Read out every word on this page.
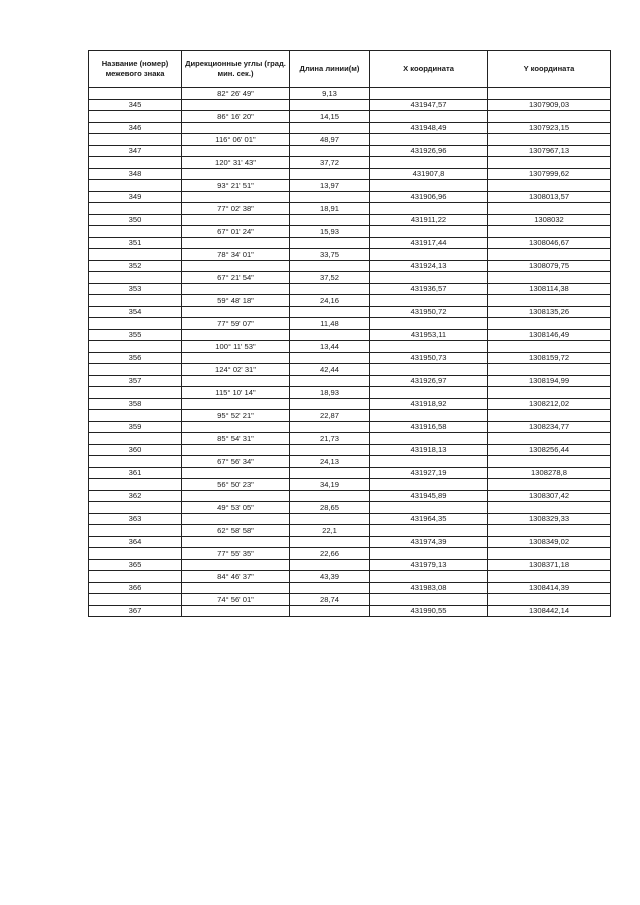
Название (номер) межевого знака	Дирекционные углы (град. мин. сек.)	Длина линии(м)	X координата	Y координата
	82° 26' 49"	9,13		
345			431947,57	1307909,03
	86° 16' 20"	14,15		
346			431948,49	1307923,15
	116° 06' 01"	48,97		
347			431926,96	1307967,13
	120° 31' 43"	37,72		
348			431907,8	1307999,62
	93° 21' 51"	13,97		
349			431906,96	1308013,57
	77° 02' 38"	18,91		
350			431911,22	1308032
	67° 01' 24"	15,93		
351			431917,44	1308046,67
	78° 34' 01"	33,75		
352			431924,13	1308079,75
	67° 21' 54"	37,52		
353			431936,57	1308114,38
	59° 48' 18"	24,16		
354			431950,72	1308135,26
	77° 59' 07"	11,48		
355			431953,11	1308146,49
	100° 11' 53"	13,44		
356			431950,73	1308159,72
	124° 02' 31"	42,44		
357			431926,97	1308194,99
	115° 10' 14"	18,93		
358			431918,92	1308212,02
	95° 52' 21"	22,87		
359			431916,58	1308234,77
	85° 54' 31"	21,73		
360			431918,13	1308256,44
	67° 56' 34"	24,13		
361			431927,19	1308278,8
	56° 50' 23"	34,19		
362			431945,89	1308307,42
	49° 53' 05"	28,65		
363			431964,35	1308329,33
	62° 58' 58"	22,1		
364			431974,39	1308349,02
	77° 55' 35"	22,66		
365			431979,13	1308371,18
	84° 46' 37"	43,39		
366			431983,08	1308414,39
	74° 56' 01"	28,74		
367			431990,55	1308442,14
